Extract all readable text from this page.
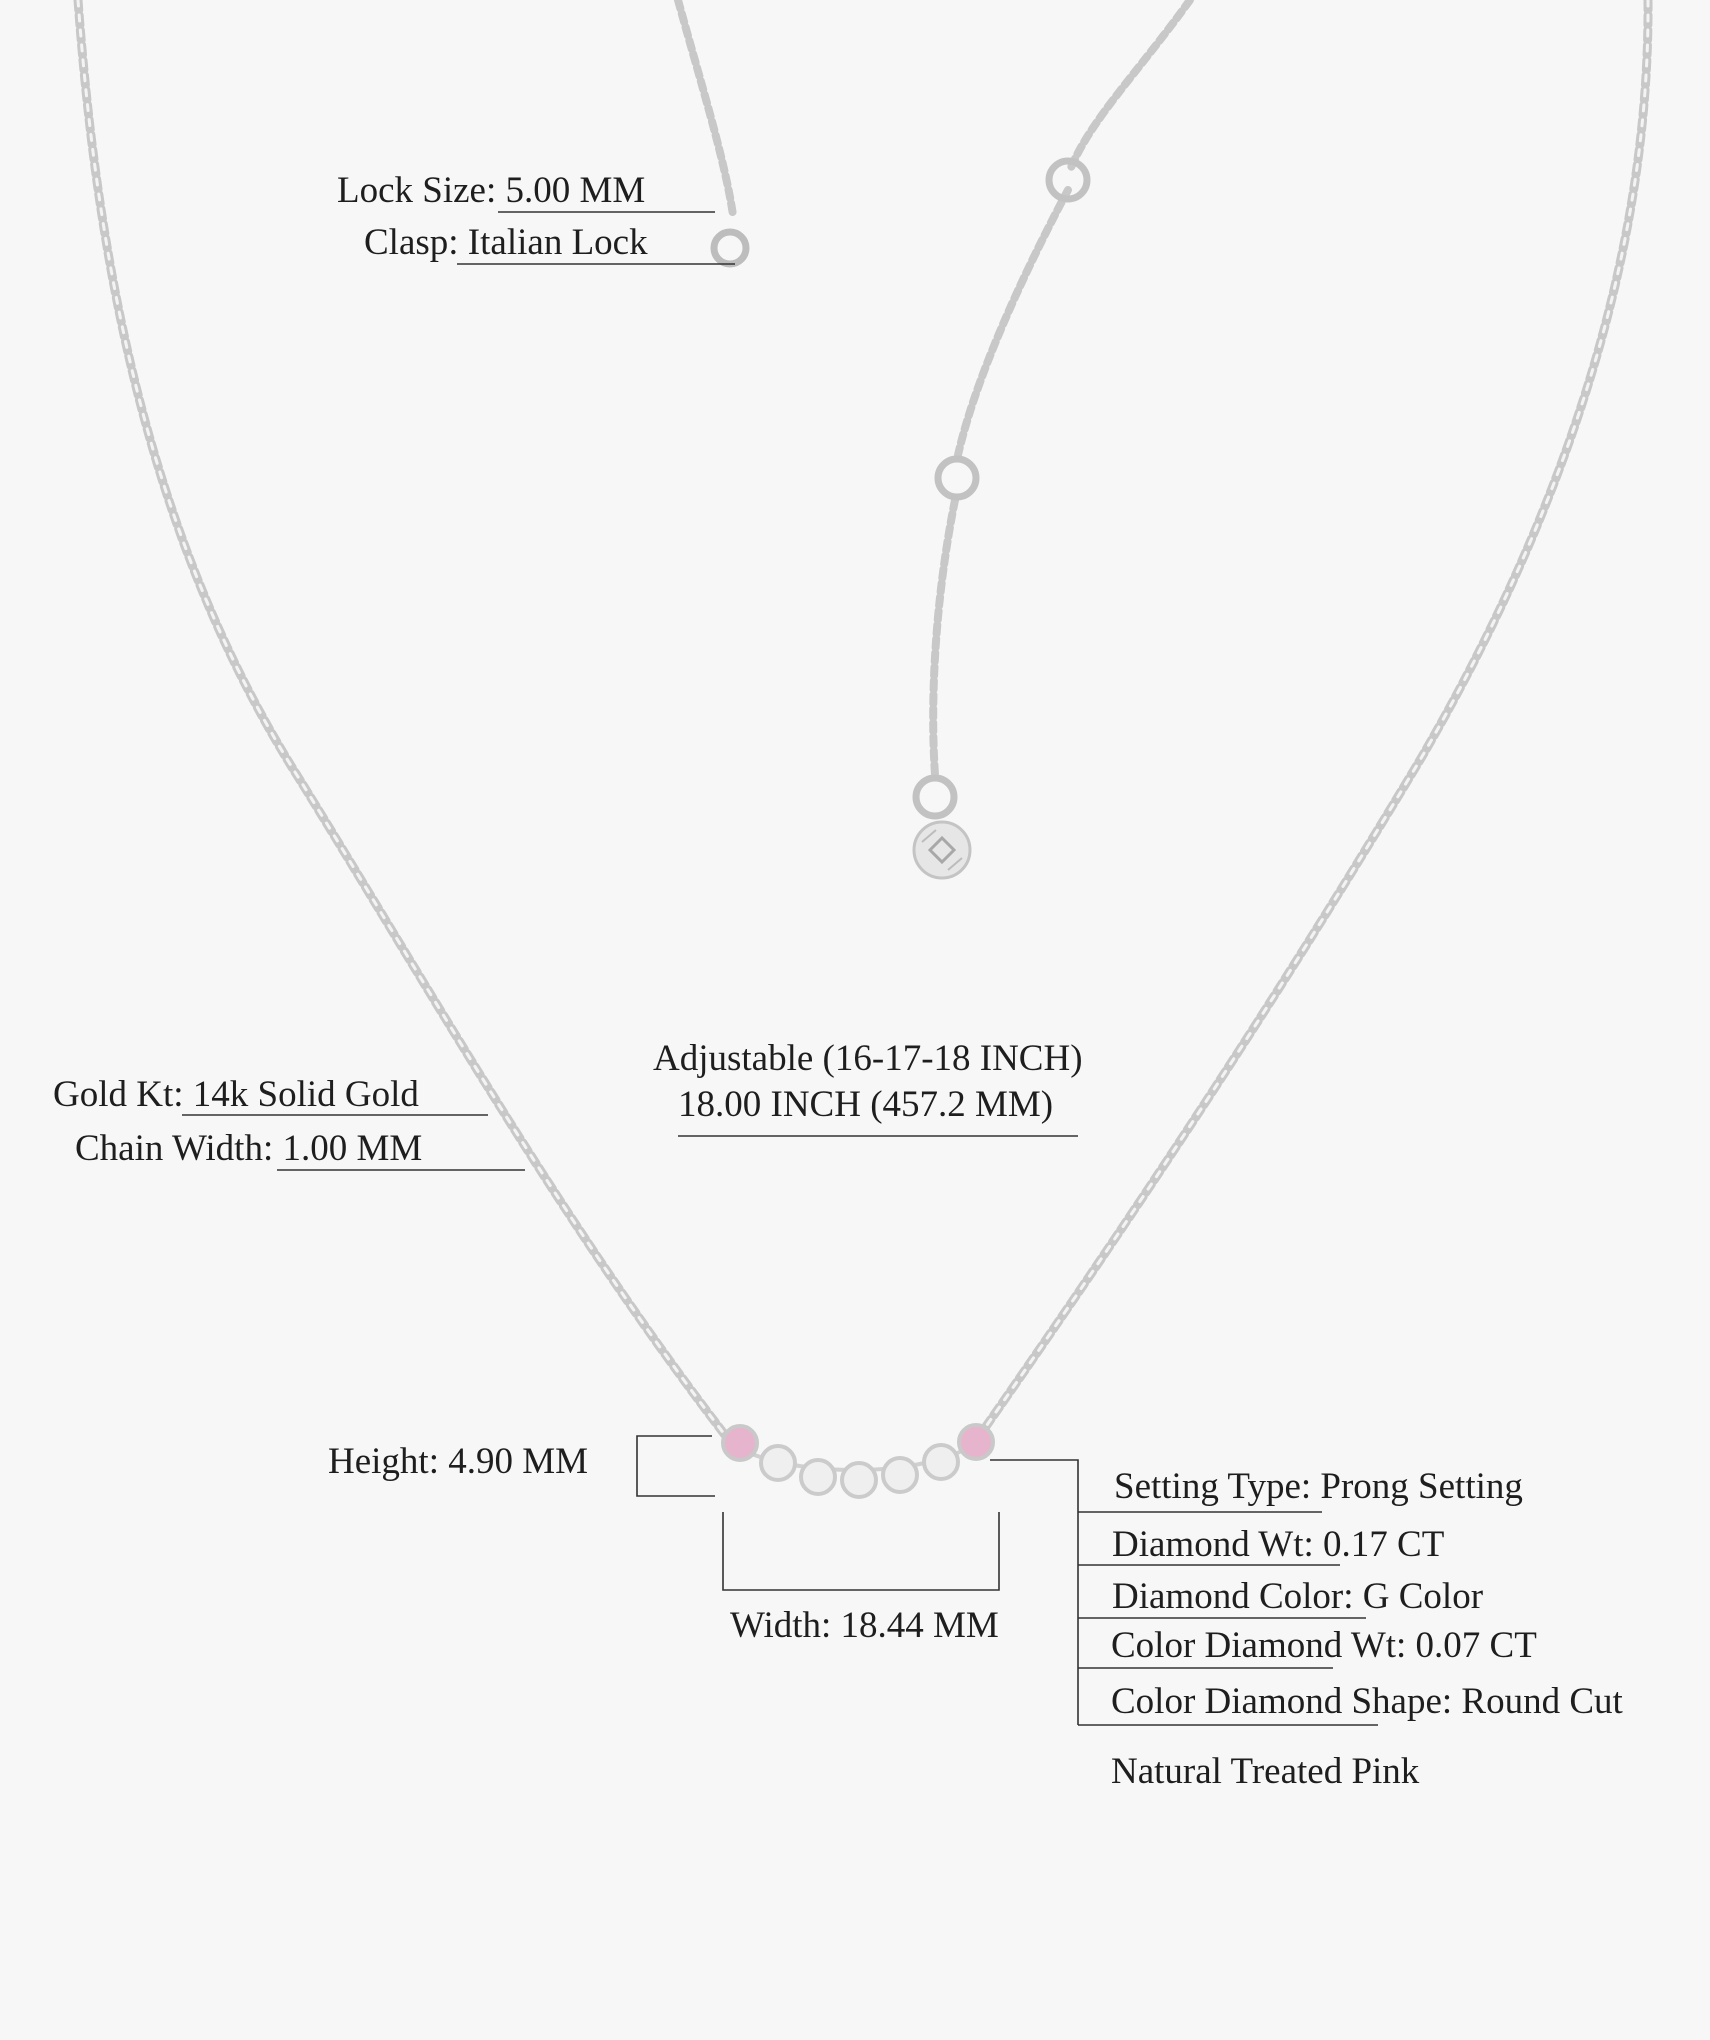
Lock Size: 5.00 MM
Clasp: Italian Lock
Adjustable (16-17-18 INCH)
18.00 INCH (457.2 MM)
Gold Kt: 14k Solid Gold
Chain Width: 1.00 MM
Height: 4.90 MM
Width: 18.44 MM
Setting Type: Prong Setting
Diamond Wt: 0.17 CT
Diamond Color: G Color
Color Diamond Wt: 0.07 CT
Color Diamond Shape: Round Cut
Natural Treated Pink
